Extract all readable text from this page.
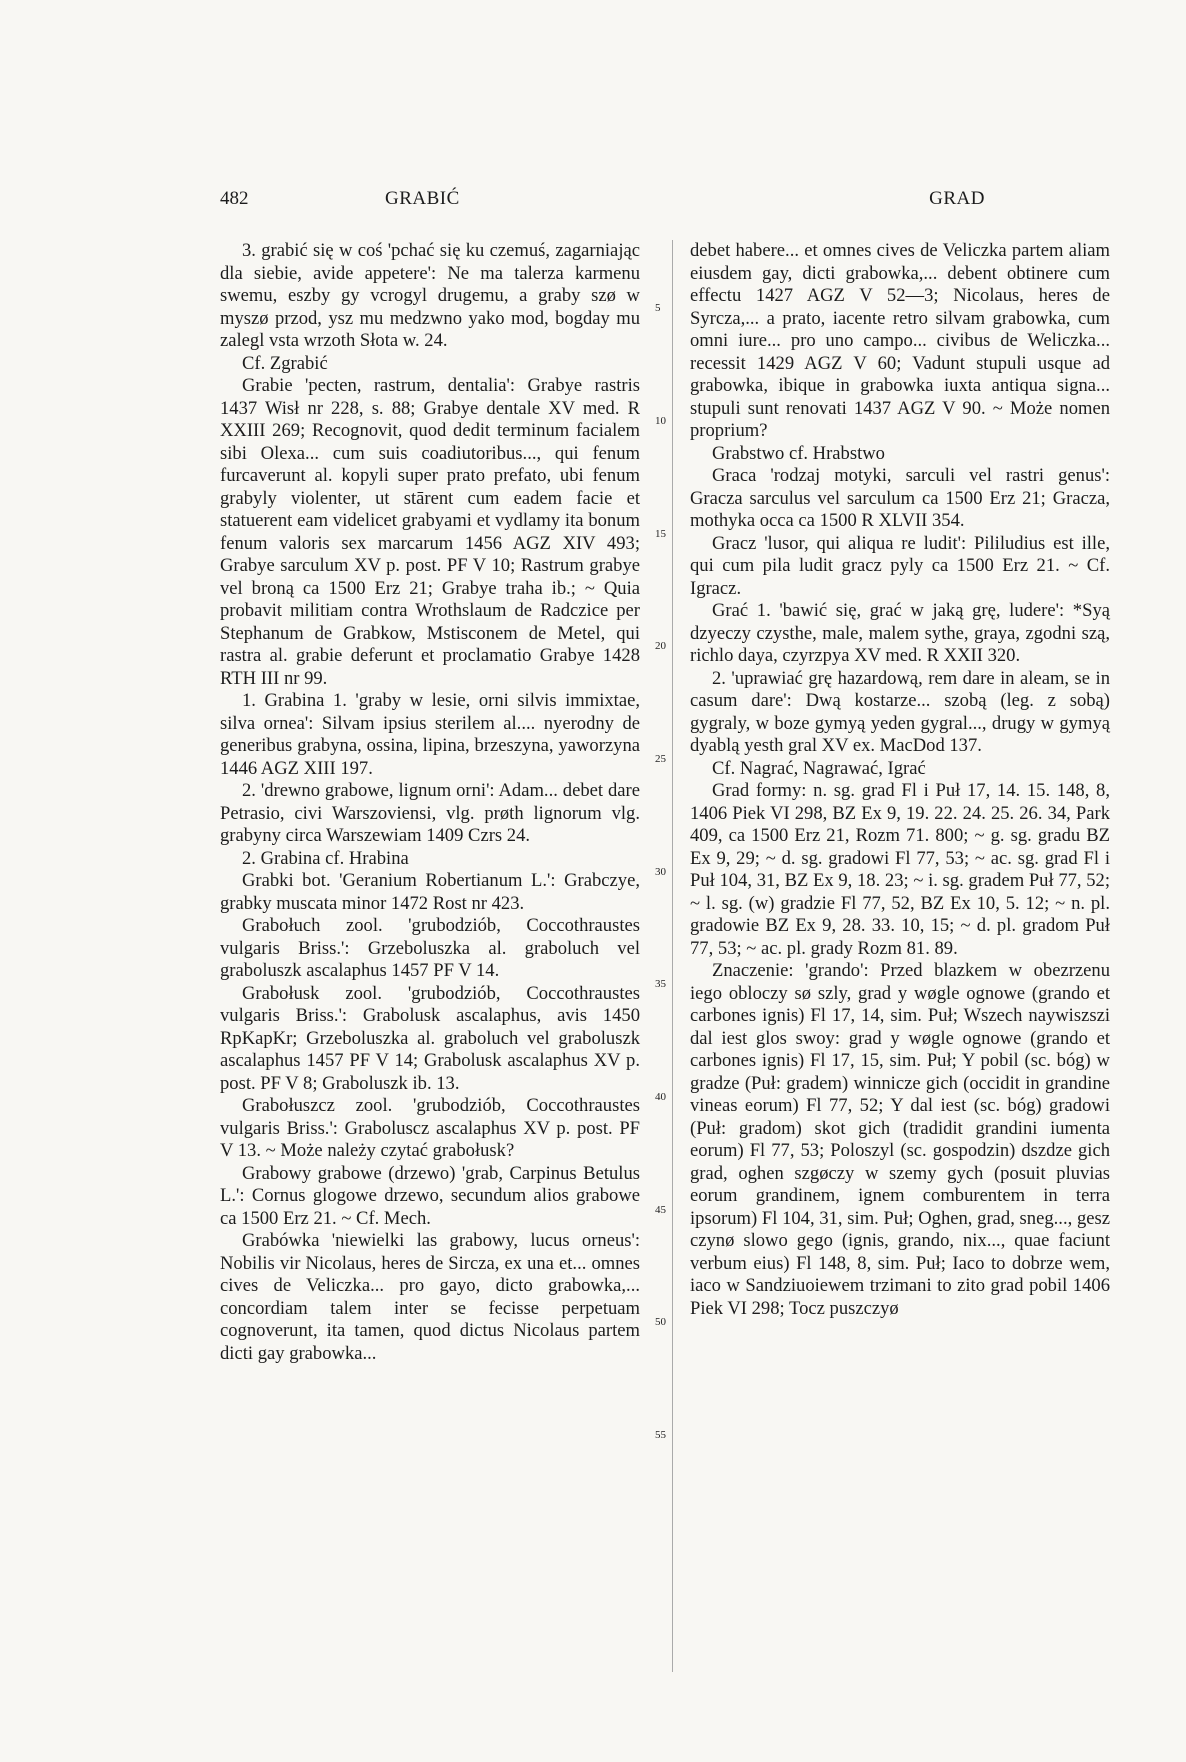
482	GRABIĆ	GRAD

3. grabić się w coś 'pchać się ku czemuś, zagarniając dla siebie, avide appetere': Ne ma talerza karmenu swemu, eszby gy vcrogyl drugemu, a graby szø w myszø przod, ysz mu medzwno yako mod, bogday mu zalegl vsta wrzoth Słota w. 24.

Cf. Zgrabić

Grabie 'pecten, rastrum, dentalia': Grabye rastris 1437 Wisł nr 228, s. 88; Grabye dentale XV med. R XXIII 269; Recognovit, quod dedit terminum facialem sibi Olexa... cum suis coadiutoribus..., qui fenum furcaverunt al. kopyli super prato prefato, ubi fenum grabyly violenter, ut stārent cum eadem facie et statuerent eam videlicet grabyami et vydlamy ita bonum fenum valoris sex marcarum 1456 AGZ XIV 493; Grabye sarculum XV p. post. PF V 10; Rastrum grabye vel broną ca 1500 Erz 21; Grabye traha ib.; ~ Quia probavit militiam contra Wrothslaum de Radczice per Stephanum de Grabkow, Mstisconem de Metel, qui rastra al. grabie deferunt et proclamatio Grabye 1428 RTH III nr 99.

1. Grabina 1. 'graby w lesie, orni silvis immixtae, silva ornea': Silvam ipsius sterilem al.... nyerodny de generibus grabyna, ossina, lipina, brzeszyna, yaworzyna 1446 AGZ XIII 197.

2. 'drewno grabowe, lignum orni': Adam... debet dare Petrasio, civi Warszoviensi, vlg. prøth lignorum vlg. grabyny circa Warszewiam 1409 Czrs 24.

2. Grabina cf. Hrabina

Grabki bot. 'Geranium Robertianum L.': Grabczye, grabky muscata minor 1472 Rost nr 423.

Grabołuch zool. 'grubodziób, Coccothraustes vulgaris Briss.': Grzeboluszka al. graboluch vel graboluszk ascalaphus 1457 PF V 14.

Grabołusk zool. 'grubodziób, Coccothraustes vulgaris Briss.': Grabolusk ascalaphus, avis 1450 RpKapKr; Grzeboluszka al. graboluch vel graboluszk ascalaphus 1457 PF V 14; Grabolusk ascalaphus XV p. post. PF V 8; Graboluszk ib. 13.

Grabołuszcz zool. 'grubodziób, Coccothraustes vulgaris Briss.': Graboluscz ascalaphus XV p. post. PF V 13. ~ Może należy czytać grabołusk?

Grabowy grabowe (drzewo) 'grab, Carpinus Betulus L.': Cornus glogowe drzewo, secundum alios grabowe ca 1500 Erz 21. ~ Cf. Mech.

Grabówka 'niewielki las grabowy, lucus orneus': Nobilis vir Nicolaus, heres de Sircza, ex una et... omnes cives de Veliczka... pro gayo, dicto grabowka,... concordiam talem inter se fecisse perpetuam cognoverunt, ita tamen, quod dictus Nicolaus partem dicti gay grabowka...

5
10
15
20
25
30
35
40
45
50
55

debet habere... et omnes cives de Veliczka partem aliam eiusdem gay, dicti grabowka,... debent obtinere cum effectu 1427 AGZ V 52—3; Nicolaus, heres de Syrcza,... a prato, iacente retro silvam grabowka, cum omni iure... pro uno campo... civibus de Weliczka... recessit 1429 AGZ V 60; Vadunt stupuli usque ad grabowka, ibique in grabowka iuxta antiqua signa... stupuli sunt renovati 1437 AGZ V 90. ~ Może nomen proprium?

Grabstwo cf. Hrabstwo

Graca 'rodzaj motyki, sarculi vel rastri genus': Gracza sarculus vel sarculum ca 1500 Erz 21; Gracza, mothyka occa ca 1500 R XLVII 354.

Gracz 'lusor, qui aliqua re ludit': Pililudius est ille, qui cum pila ludit gracz pyly ca 1500 Erz 21. ~ Cf. Igracz.

Grać 1. 'bawić się, grać w jaką grę, ludere': *Syą dzyeczy czysthe, male, malem sythe, graya, zgodni szą, richlo daya, czyrzpya XV med. R XXII 320.

2. 'uprawiać grę hazardową, rem dare in aleam, se in casum dare': Dwą kostarze... szobą (leg. z sobą) gygraly, w boze gymyą yeden gygral..., drugy w gymyą dyablą yesth gral XV ex. MacDod 137.

Cf. Nagrać, Nagrawać, Igrać

Grad formy: n. sg. grad Fl i Puł 17, 14. 15. 148, 8, 1406 Piek VI 298, BZ Ex 9, 19. 22. 24. 25. 26. 34, Park 409, ca 1500 Erz 21, Rozm 71. 800; ~ g. sg. gradu BZ Ex 9, 29; ~ d. sg. gradowi Fl 77, 53; ~ ac. sg. grad Fl i Puł 104, 31, BZ Ex 9, 18. 23; ~ i. sg. gradem Puł 77, 52; ~ l. sg. (w) gradzie Fl 77, 52, BZ Ex 10, 5. 12; ~ n. pl. gradowie BZ Ex 9, 28. 33. 10, 15; ~ d. pl. gradom Puł 77, 53; ~ ac. pl. grady Rozm 81. 89.

Znaczenie: 'grando': Przed blazkem w obezrzenu iego obloczy sø szly, grad y wøgle ognowe (grando et carbones ignis) Fl 17, 14, sim. Puł; Wszech naywiszszi dal iest glos swoy: grad y wøgle ognowe (grando et carbones ignis) Fl 17, 15, sim. Puł; Y pobil (sc. bóg) w gradze (Puł: gradem) winnicze gich (occidit in grandine vineas eorum) Fl 77, 52; Y dal iest (sc. bóg) gradowi (Puł: gradom) skot gich (tradidit grandini iumenta eorum) Fl 77, 53; Poloszyl (sc. gospodzin) dszdze gich grad, oghen szgøczy w szemy gych (posuit pluvias eorum grandinem, ignem comburentem in terra ipsorum) Fl 104, 31, sim. Puł; Oghen, grad, sneg..., gesz czynø slowo gego (ignis, grando, nix..., quae faciunt verbum eius) Fl 148, 8, sim. Puł; Iaco to dobrze wem, iaco w Sandziuoiewem trzimani to zito grad pobil 1406 Piek VI 298; Tocz puszczyø
